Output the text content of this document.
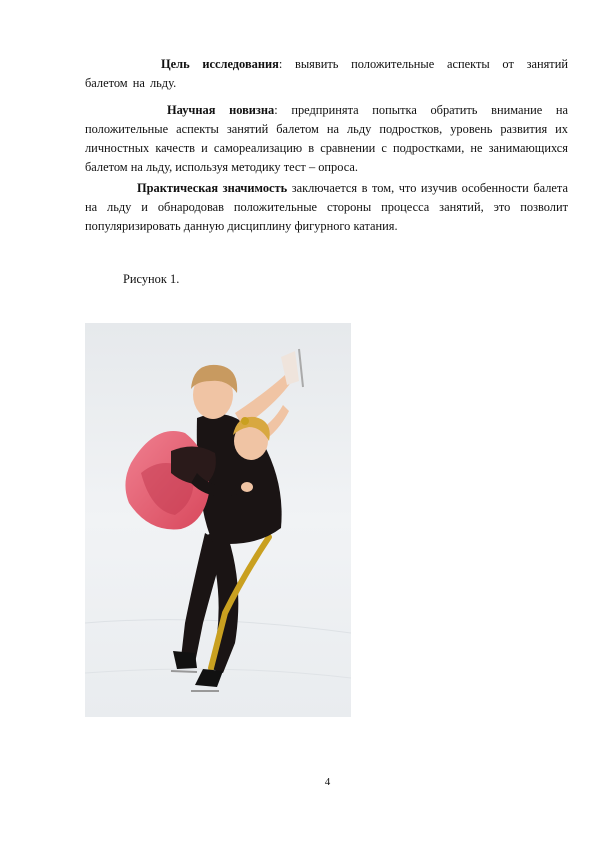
Цель исследования: выявить положительные аспекты от занятий балетом на льду.

Научная новизна: предпринята попытка обратить внимание на положительные аспекты занятий балетом на льду подростков, уровень развития их личностных качеств и самореализацию в сравнении с подростками, не занимающихся балетом на льду, используя методику тест – опроса.

Практическая значимость заключается в том, что изучив особенности балета на льду и обнародовав положительные стороны процесса занятий, это позволит популяризировать данную дисциплину фигурного катания.

Рисунок 1.
4
